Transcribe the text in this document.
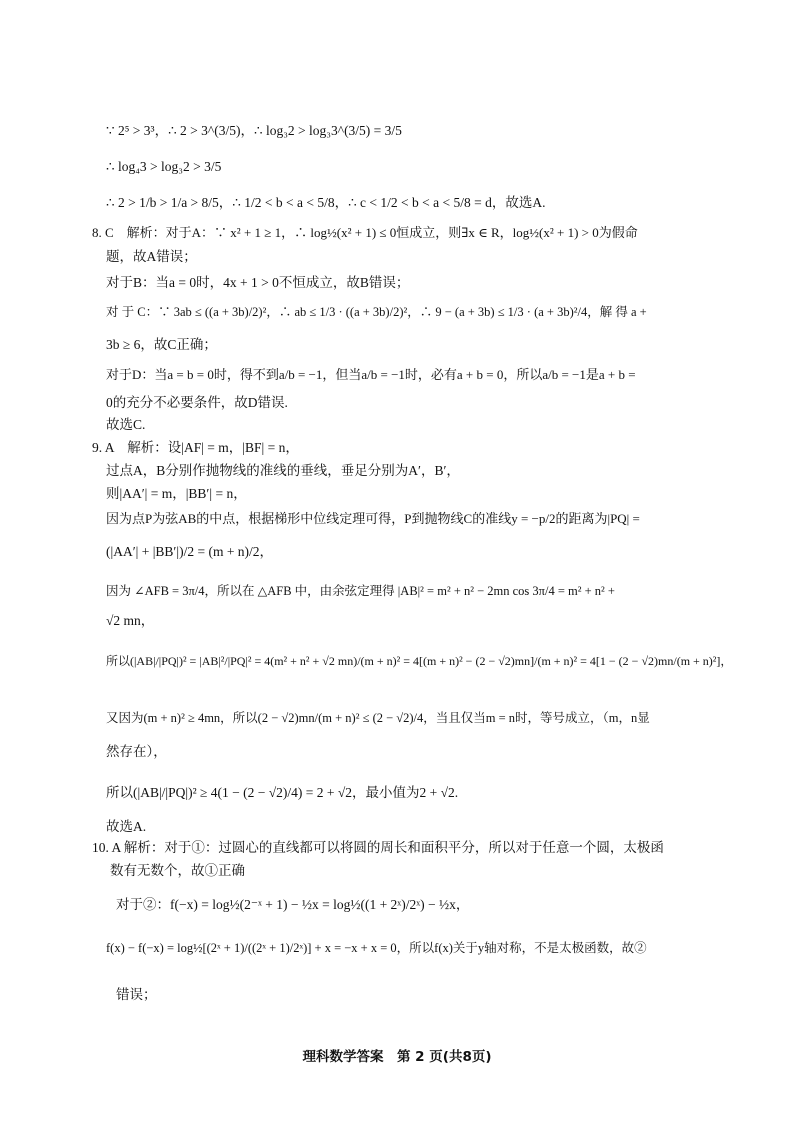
∵ 2⁵ > 3³，∴ 2 > 3^(3/5)，∴ log₃2 > log₃3^(3/5) = 3/5
∴ log₄3 > log₃2 > 3/5
∴ 2 > 1/b > 1/a > 8/5，∴ 1/2 < b < a < 5/8，∴ c < 1/2 < b < a < 5/8 = d，故选A.
8. C　解析：对于A：∵ x² + 1 ≥ 1，∴ log½(x² + 1) ≤ 0恒成立，则∃x ∈ R，log½(x² + 1) > 0为假命
题，故A错误；
对于B：当a = 0时，4x + 1 > 0不恒成立，故B错误；
对 于 C：∵ 3ab ≤ ((a + 3b)/2)²，∴ ab ≤ 1/3 · ((a + 3b)/2)²，∴ 9 − (a + 3b) ≤ 1/3 · (a + 3b)²/4，解 得 a +
3b ≥ 6，故C正确；
对于D：当a = b = 0时，得不到a/b = −1，但当a/b = −1时，必有a + b = 0，所以a/b = −1是a + b =
0的充分不必要条件，故D错误.
故选C.
9. A　解析：设|AF| = m，|BF| = n，
过点A，B分别作抛物线的准线的垂线，垂足分别为A′，B′，
则|AA′| = m，|BB′| = n，
因为点P为弦AB的中点，根据梯形中位线定理可得，P到抛物线C的准线y = −p/2的距离为|PQ| =
(|AA′| + |BB′|)/2 = (m + n)/2，
因为 ∠AFB = 3π/4，所以在 △AFB 中，由余弦定理得 |AB|² = m² + n² − 2mn cos 3π/4 = m² + n² +
√2 mn，
所以(|AB|/|PQ|)² = |AB|²/|PQ|² = 4(m² + n² + √2 mn)/(m + n)² = 4[(m + n)² − (2 − √2)mn]/(m + n)² = 4[1 − (2 − √2)mn/(m + n)²]，
又因为(m + n)² ≥ 4mn，所以(2 − √2)mn/(m + n)² ≤ (2 − √2)/4，当且仅当m = n时，等号成立，（m，n显
然存在），
所以(|AB|/|PQ|)² ≥ 4(1 − (2 − √2)/4) = 2 + √2，最小值为2 + √2.
故选A.
10. A 解析：对于①：过圆心的直线都可以将圆的周长和面积平分，所以对于任意一个圆，太极函
数有无数个，故①正确
对于②：f(−x) = log½(2⁻ˣ + 1) − ½x = log½((1 + 2ˣ)/2ˣ) − ½x，
f(x) − f(−x) = log½[(2ˣ + 1)/((2ˣ + 1)/2ˣ)] + x = −x + x = 0，所以f(x)关于y轴对称，不是太极函数，故②
错误；
理科数学答案　第 2 页(共8页)
